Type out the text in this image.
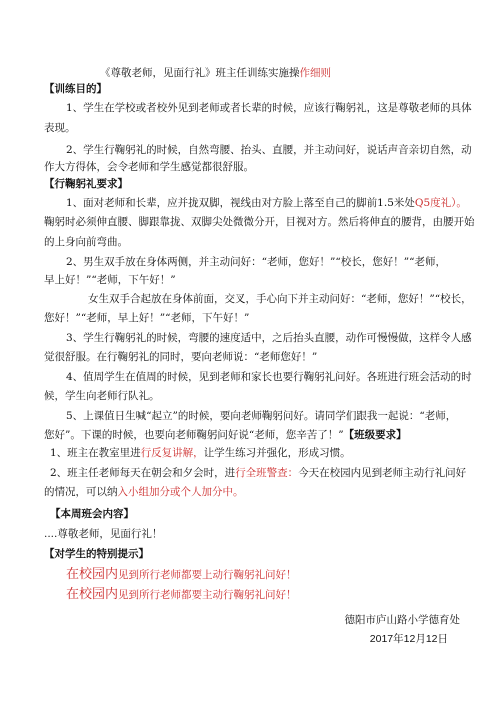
《尊敬老师，见面行礼》班主任训练实施操作细则
【训练目的】
1、学生在学校或者校外见到老师或者长辈的时候，应该行鞠躬礼，这是尊敬老师的具体
表现。
2、学生行鞠躬礼的时候，自然弯腰、抬头、直腰，并主动问好，说话声音亲切自然，动
作大方得体，会令老师和学生感觉都很舒服。
【行鞠躬礼要求】
1、面对老师和长辈，应并拢双脚，视线由对方脸上落至自己的脚前1.5米处Q5度礼）。
鞠躬时必须伸直腰、脚跟靠拢、双脚尖处微微分开，目视对方。然后将伸直的腰背，由腰开始
的上身向前弯曲。
2、男生双手放在身体两侧，并主动问好：“老师，您好！”“校长，您好！”“老师，
早上好！”“老师，下午好！”
女生双手合起放在身体前面，交叉，手心向下并主动问好：“老师，您好！”“校长，
您好！”“老师，早上好！”“老师，下午好！”
3、学生行鞠躬礼的时候，弯腰的速度适中，之后抬头直腰，动作可慢慢做，这样令人感
觉很舒服。在行鞠躬礼的同时，要向老师说：“老师您好！”
4、值周学生在值周的时候，见到老师和家长也要行鞠躬礼问好。各班进行班会活动的时
候，学生向老师行队礼。
5、上课值日生喊“起立”的时候，要向老师鞠躬问好。请同学们跟我一起说：“老师，
您好”。下课的时候，也要向老师鞠躬问好说“老师，您辛苦了！”【班级要求】
1、班主在教室里进行反复讲解，让学生练习并强化，形成习惯。
2、班主任老师每天在朝会和夕会时，进行全班警查：今天在校园内见到老师主动行礼问好
的情况，可以纳入小组加分或个人加分中。
【本周班会内容】
....尊敬老师，见面行礼！
【对学生的特别提示】
在校园内见到所行老师都要上动行鞠躬礼问好！
在校园内见到所行老师都要主动行鞠躬礼问好！
德阳市庐山路小学德育处
2017年12月12日
